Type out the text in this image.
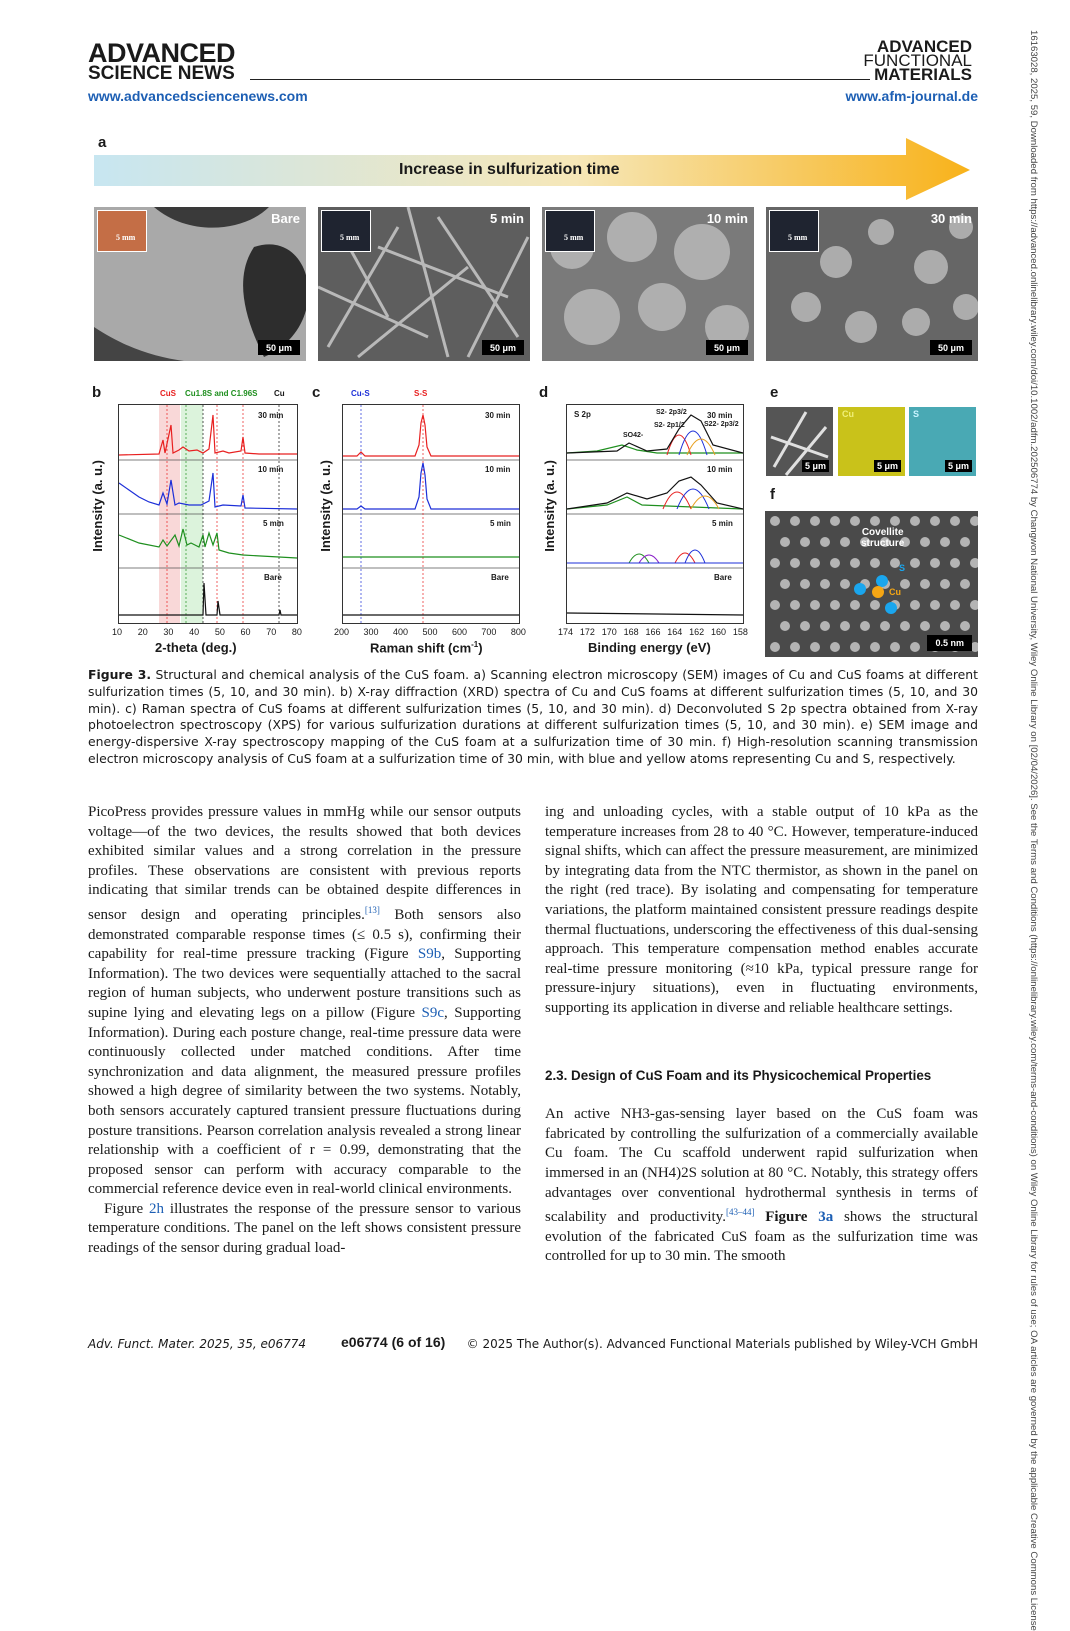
ADVANCED
SCIENCE NEWS
www.advancedsciencenews.com
ADVANCED
FUNCTIONAL
MATERIALS
www.afm-journal.de	16163028, 2025, 59, Downloaded from https://advanced.onlinelibrary.wiley.com/doi/10.1002/adfm.202506774 by Changwon National University, Wiley Online Library on [02/04/2026]. See the Terms and Conditions (https://onlinelibrary.wiley.com/terms-and-conditions) on Wiley Online Library for rules of use; OA articles are governed by the applicable Creative Commons License
a
Increase in sulfurization time
5 mm
Bare
50 μm
5 mm
5 min
50 μm
5 mm
10 min
50 μm
5 mm
30 min
50 μm
b	CuS Cu1.8S and C1.96S Cu
Intensity (a. u.)
30 min
10 min
5 min
Bare
10 20 30 40 50 60 70 80
2-theta (deg.)
c	Cu-S	S-S
Intensity (a. u.)
30 min
10 min
5 min
Bare
200 300 400 500 600 700 800
Raman shift $(cm^{-1})$
d
Intensity (a. u.)
S 2p	30 min
10 min
5 min
Bare
SO42-
S2- 2p1/2
S2- 2p3/2
S22- 2p3/2
174 172 170 168 166 164 162 160 158
Binding energy (eV)
e
5 μm
Cu
5 μm
S
5 μm
f
Covellite
structure
S
Cu
0.5 nm
Figure 3. Structural and chemical analysis of the CuS foam. a) Scanning electron microscopy (SEM) images of Cu and CuS foams at different sulfurization times (5, 10, and 30 min). b) X-ray diffraction (XRD) spectra of Cu and CuS foams at different sulfurization times (5, 10, and 30 min). c) Raman spectra of CuS foams at different sulfurization times (5, 10, and 30 min). d) Deconvoluted S 2p spectra obtained from X-ray photoelectron spectroscopy (XPS) for various sulfurization durations at different sulfurization times (5, 10, and 30 min). e) SEM image and energy-dispersive X-ray spectroscopy mapping of the CuS foam at a sulfurization time of 30 min. f) High-resolution scanning transmission electron microscopy analysis of CuS foam at a sulfurization time of 30 min, with blue and yellow atoms representing Cu and S, respectively.

PicoPress provides pressure values in mmHg while our sensor outputs voltage—of the two devices, the results showed that both devices exhibited similar values and a strong correlation in the pressure profiles. These observations are consistent with previous reports indicating that similar trends can be obtained despite differences in sensor design and operating principles.[13] Both sensors also demonstrated comparable response times (≤ 0.5 s), confirming their capability for real-time pressure tracking (Figure S9b, Supporting Information). The two devices were sequentially attached to the sacral region of human subjects, who underwent posture transitions such as supine lying and elevating legs on a pillow (Figure S9c, Supporting Information). During each posture change, real-time pressure data were continuously collected under matched conditions. After time synchronization and data alignment, the measured pressure profiles showed a high degree of similarity between the two systems. Notably, both sensors accurately captured transient pressure fluctuations during posture transitions. Pearson correlation analysis revealed a strong linear relationship with a coefficient of r = 0.99, demonstrating that the proposed sensor can perform with accuracy comparable to the commercial reference device even in real-world clinical environments.

Figure 2h illustrates the response of the pressure sensor to various temperature conditions. The panel on the left shows consistent pressure readings of the sensor during gradual load-

ing and unloading cycles, with a stable output of 10 kPa as the temperature increases from 28 to 40 °C. However, temperature-induced signal shifts, which can affect the pressure measurement, are minimized by integrating data from the NTC thermistor, as shown in the panel on the right (red trace). By isolating and compensating for temperature variations, the platform maintained consistent pressure readings despite thermal fluctuations, underscoring the effectiveness of this dual-sensing approach. This temperature compensation method enables accurate real-time pressure monitoring (≈10 kPa, typical pressure range for pressure-injury situations), even in fluctuating environments, supporting its application in diverse and reliable healthcare settings.

2.3. Design of CuS Foam and its Physicochemical Properties

An active NH3-gas-sensing layer based on the CuS foam was fabricated by controlling the sulfurization of a commercially available Cu foam. The Cu scaffold underwent rapid sulfurization when immersed in an (NH4)2S solution at 80 °C. Notably, this strategy offers advantages over conventional hydrothermal synthesis in terms of scalability and productivity.[43–44] Figure 3a shows the structural evolution of the fabricated CuS foam as the sulfurization time was controlled for up to 30 min. The smooth

Adv. Funct. Mater. 2025, 35, e06774 e06774 (6 of 16) © 2025 The Author(s). Advanced Functional Materials published by Wiley-VCH GmbH
